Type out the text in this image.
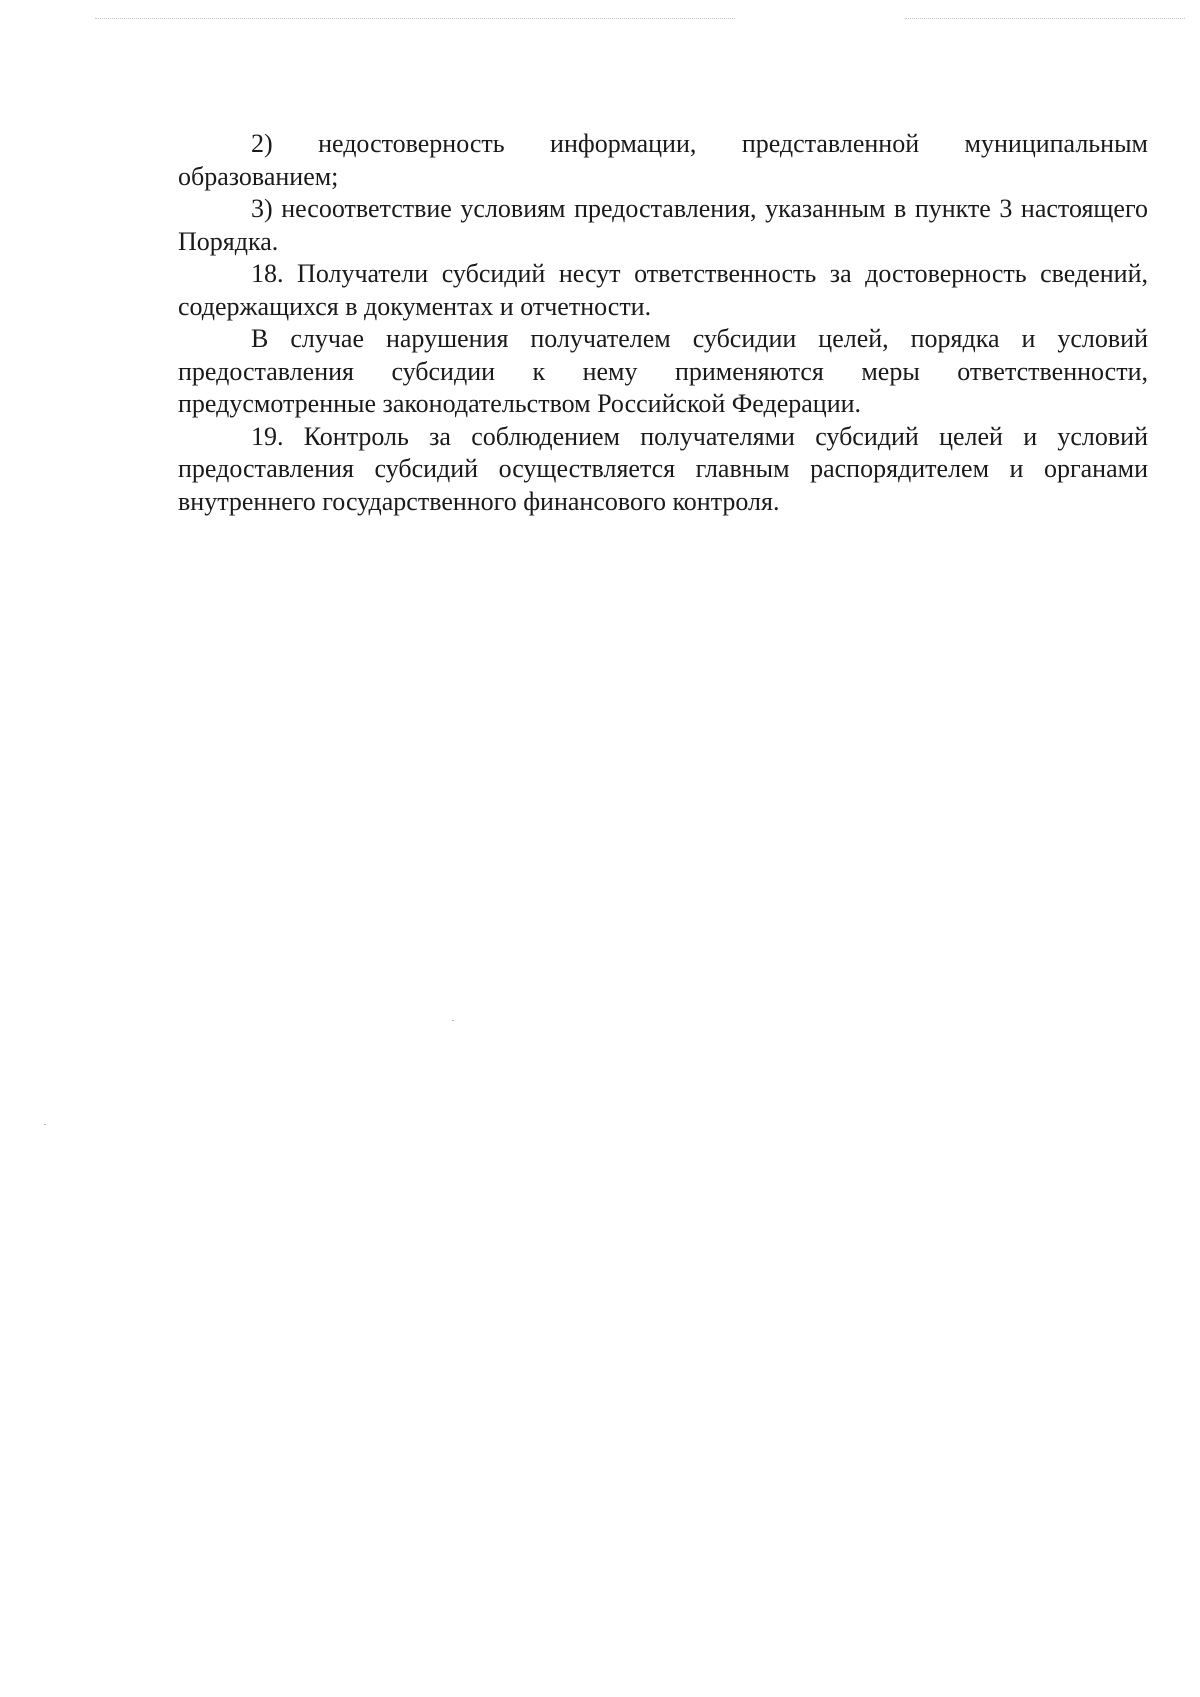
2) недостоверность информации, представленной муниципальным образованием;

3) несоответствие условиям предоставления, указанным в пункте 3 настоящего Порядка.

18. Получатели субсидий несут ответственность за достоверность сведений, содержащихся в документах и отчетности.

В случае нарушения получателем субсидии целей, порядка и условий предоставления субсидии к нему применяются меры ответственности, предусмотренные законодательством Российской Федерации.

19. Контроль за соблюдением получателями субсидий целей и условий предоставления субсидий осуществляется главным распорядителем и органами внутреннего государственного финансового контроля.
